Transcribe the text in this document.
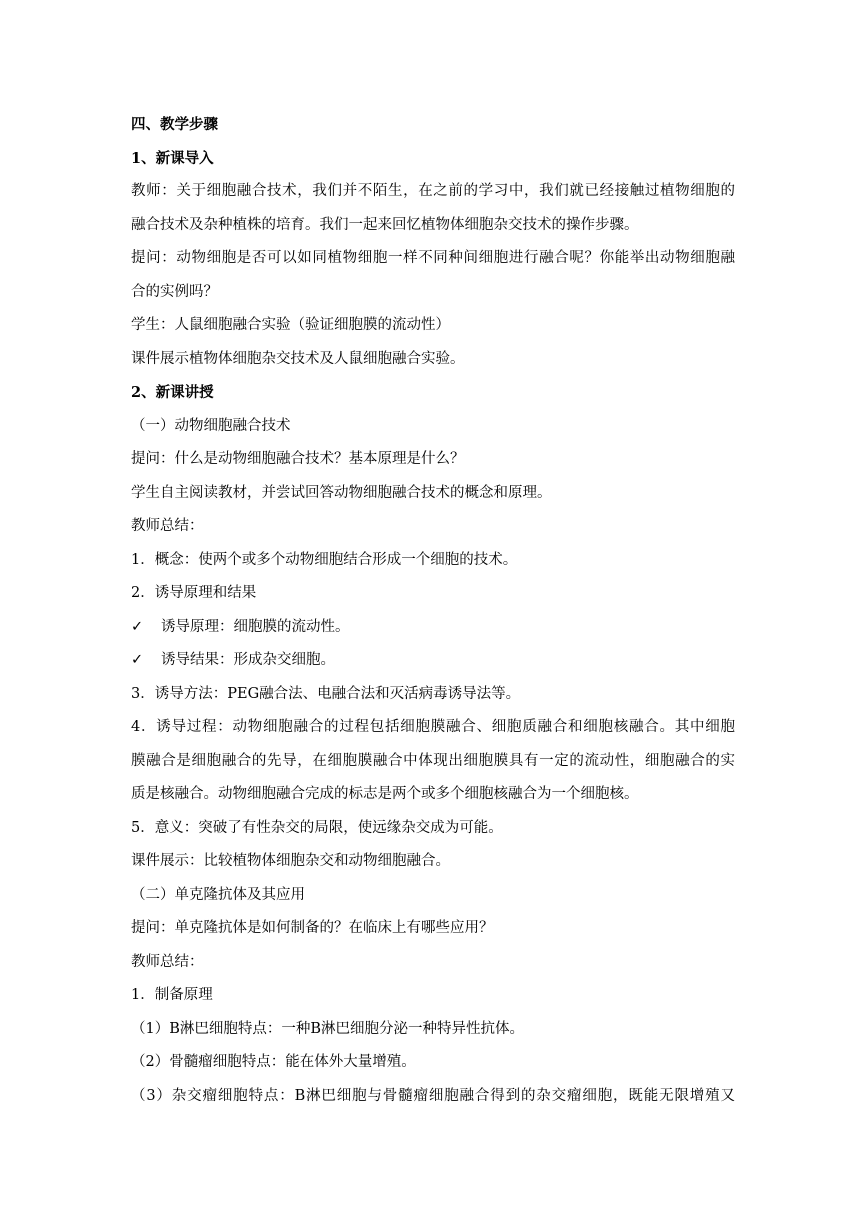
四、教学步骤
1、新课导入
教师：关于细胞融合技术，我们并不陌生，在之前的学习中，我们就已经接触过植物细胞的
融合技术及杂种植株的培育。我们一起来回忆植物体细胞杂交技术的操作步骤。
提问：动物细胞是否可以如同植物细胞一样不同种间细胞进行融合呢？你能举出动物细胞融
合的实例吗？
学生：人鼠细胞融合实验（验证细胞膜的流动性）
课件展示植物体细胞杂交技术及人鼠细胞融合实验。
2、新课讲授
（一）动物细胞融合技术
提问：什么是动物细胞融合技术？基本原理是什么？
学生自主阅读教材，并尝试回答动物细胞融合技术的概念和原理。
教师总结：
1．概念：使两个或多个动物细胞结合形成一个细胞的技术。
2．诱导原理和结果
✓ 诱导原理：细胞膜的流动性。
✓ 诱导结果：形成杂交细胞。
3．诱导方法：PEG融合法、电融合法和灭活病毒诱导法等。
4．诱导过程：动物细胞融合的过程包括细胞膜融合、细胞质融合和细胞核融合。其中细胞
膜融合是细胞融合的先导，在细胞膜融合中体现出细胞膜具有一定的流动性，细胞融合的实
质是核融合。动物细胞融合完成的标志是两个或多个细胞核融合为一个细胞核。
5．意义：突破了有性杂交的局限，使远缘杂交成为可能。
课件展示：比较植物体细胞杂交和动物细胞融合。
（二）单克隆抗体及其应用
提问：单克隆抗体是如何制备的？在临床上有哪些应用？
教师总结：
1．制备原理
（1）B淋巴细胞特点：一种B淋巴细胞分泌一种特异性抗体。
（2）骨髓瘤细胞特点：能在体外大量增殖。
（3）杂交瘤细胞特点：B淋巴细胞与骨髓瘤细胞融合得到的杂交瘤细胞，既能无限增殖又
